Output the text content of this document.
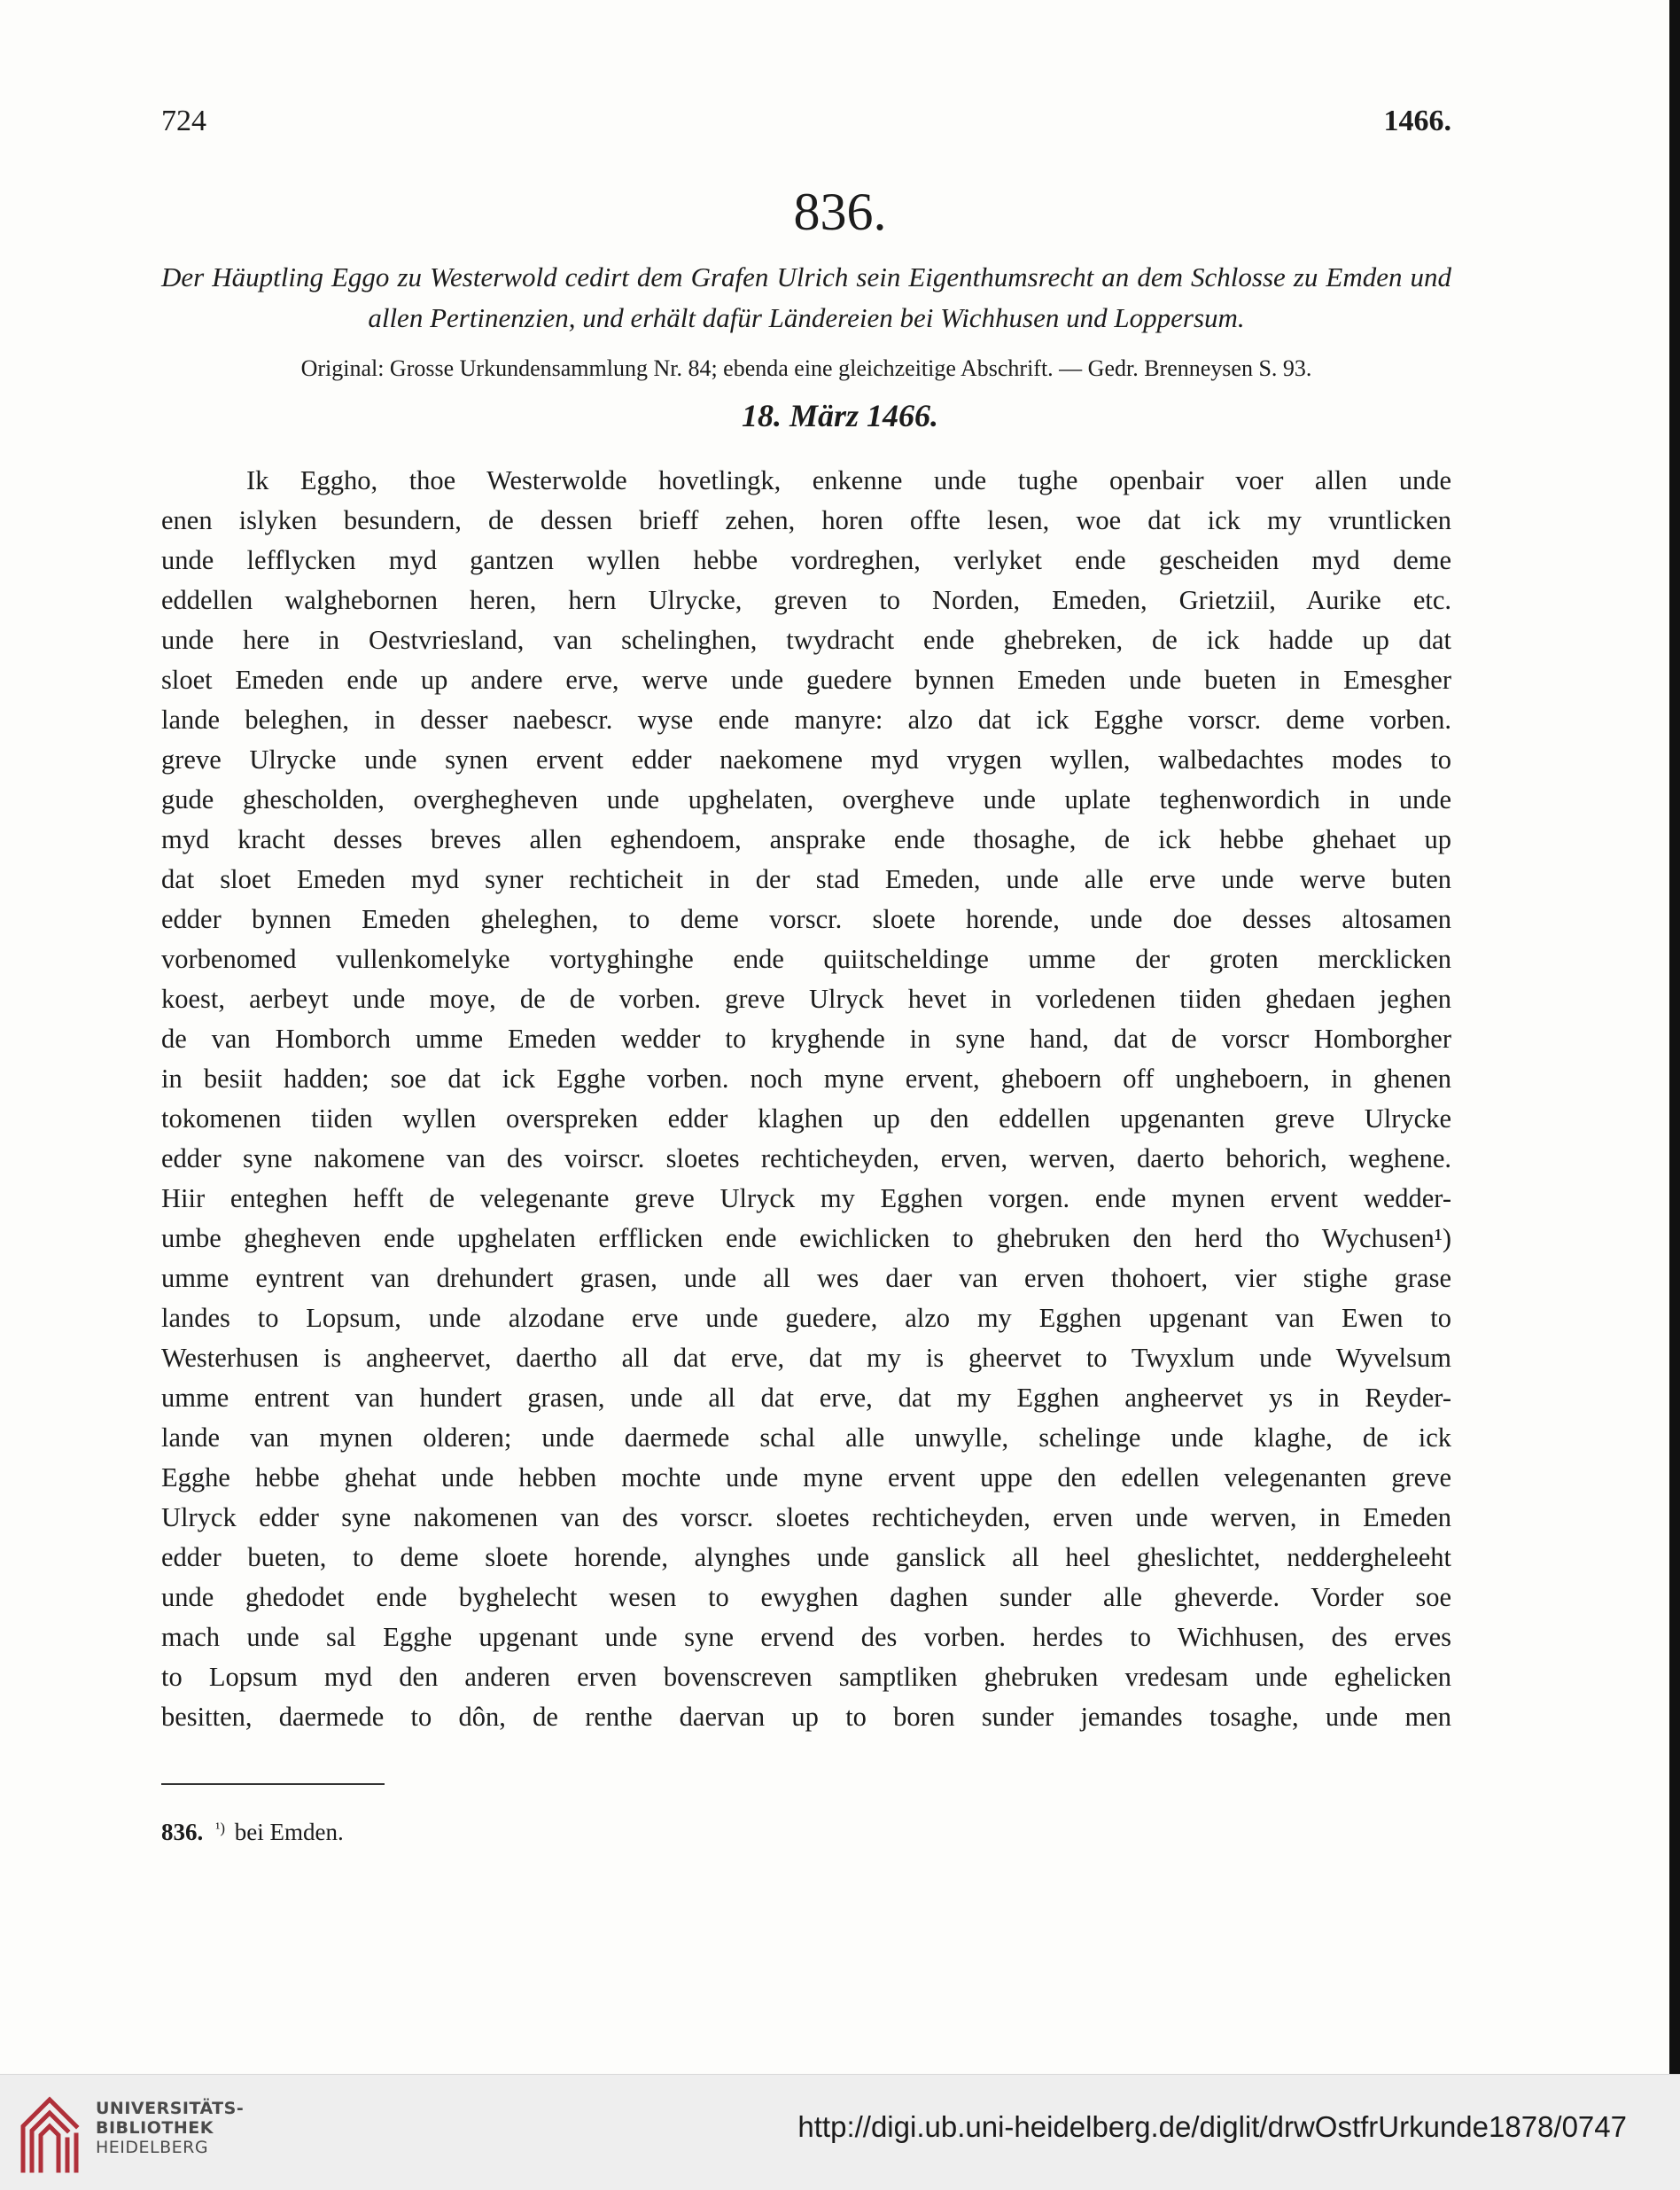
724	1466.
836.
Der Häuptling Eggo zu Westerwold cedirt dem Grafen Ulrich sein Eigenthumsrecht an dem Schlosse zu Emden und allen Pertinenzien, und erhält dafür Ländereien bei Wichhusen und Loppersum.
Original: Grosse Urkundensammlung Nr. 84; ebenda eine gleichzeitige Abschrift. — Gedr. Brenneysen S. 93.
18. März 1466.
Ik Eggho, thoe Westerwolde hovetlingk, enkenne unde tughe openbair voer allen unde
enen islyken besundern, de dessen brieff zehen, horen offte lesen, woe dat ick my vruntlicken
unde lefflycken myd gantzen wyllen hebbe vordreghen, verlyket ende gescheiden myd deme
eddellen walghebornen heren, hern Ulrycke, greven to Norden, Emeden, Grietziil, Aurike etc.
unde here in Oestvriesland, van schelinghen, twydracht ende ghebreken, de ick hadde up dat
sloet Emeden ende up andere erve, werve unde guedere bynnen Emeden unde bueten in Emesgher
lande beleghen, in desser naebescr. wyse ende manyre: alzo dat ick Egghe vorscr. deme vorben.
greve Ulrycke unde synen ervent edder naekomene myd vrygen wyllen, walbedachtes modes to
gude ghescholden, overghegheven unde upghelaten, overgheve unde uplate teghenwordich in unde
myd kracht desses breves allen eghendoem, ansprake ende thosaghe, de ick hebbe ghehaet up
dat sloet Emeden myd syner rechticheit in der stad Emeden, unde alle erve unde werve buten
edder bynnen Emeden gheleghen, to deme vorscr. sloete horende, unde doe desses altosamen
vorbenomed vullenkomelyke vortyghinghe ende quiitscheldinge umme der groten mercklicken
koest, aerbeyt unde moye, de de vorben. greve Ulryck hevet in vorledenen tiiden ghedaen jeghen
de van Homborch umme Emeden wedder to kryghende in syne hand, dat de vorscr Homborgher
in besiit hadden; soe dat ick Egghe vorben. noch myne ervent, gheboern off ungheboern, in ghenen
tokomenen tiiden wyllen overspreken edder klaghen up den eddellen upgenanten greve Ulrycke
edder syne nakomene van des voirscr. sloetes rechticheyden, erven, werven, daerto behorich, weghene.
Hiir enteghen hefft de velegenante greve Ulryck my Egghen vorgen. ende mynen ervent wedder-
umbe ghegheven ende upghelaten erfflicken ende ewichlicken to ghebruken den herd tho Wychusen¹)
umme eyntrent van drehundert grasen, unde all wes daer van erven thohoert, vier stighe grase
landes to Lopsum, unde alzodane erve unde guedere, alzo my Egghen upgenant van Ewen to
Westerhusen is angheervet, daertho all dat erve, dat my is gheervet to Twyxlum unde Wyvelsum
umme entrent van hundert grasen, unde all dat erve, dat my Egghen angheervet ys in Reyder-
lande van mynen olderen; unde daermede schal alle unwylle, schelinge unde klaghe, de ick
Egghe hebbe ghehat unde hebben mochte unde myne ervent uppe den edellen velegenanten greve
Ulryck edder syne nakomenen van des vorscr. sloetes rechticheyden, erven unde werven, in Emeden
edder bueten, to deme sloete horende, alynghes unde ganslick all heel gheslichtet, neddergheleeht
unde ghedodet ende byghelecht wesen to ewyghen daghen sunder alle gheverde. Vorder soe
mach unde sal Egghe upgenant unde syne ervend des vorben. herdes to Wichhusen, des erves
to Lopsum myd den anderen erven bovenscreven samptliken ghebruken vredesam unde eghelicken
besitten, daermede to dôn, de renthe daervan up to boren sunder jemandes tosaghe, unde men
836. $^{^1)}$ bei Emden.
UNIVERSITÄTS-
BIBLIOTHEK
HEIDELBERG
http://digi.ub.uni-heidelberg.de/diglit/drwOstfrUrkunde1878/0747
